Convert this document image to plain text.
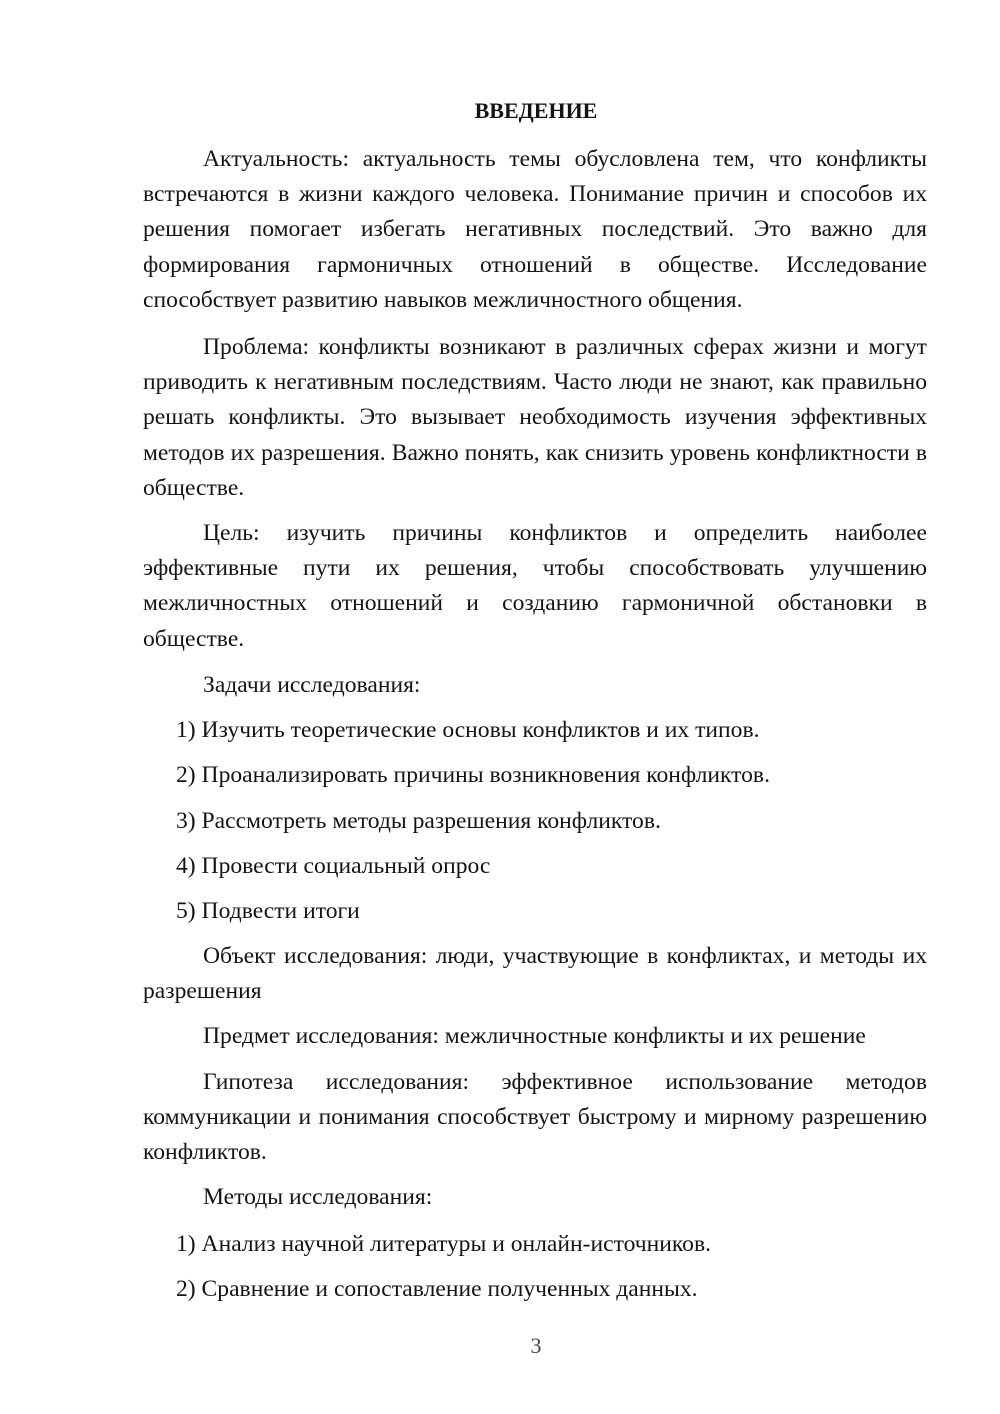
ВВЕДЕНИЕ

Актуальность: актуальность темы обусловлена тем, что конфликты встречаются в жизни каждого человека. Понимание причин и способов их решения помогает избегать негативных последствий. Это важно для формирования гармоничных отношений в обществе. Исследование способствует развитию навыков межличностного общения.

Проблема: конфликты возникают в различных сферах жизни и могут приводить к негативным последствиям. Часто люди не знают, как правильно решать конфликты. Это вызывает необходимость изучения эффективных методов их разрешения. Важно понять, как снизить уровень конфликтности в обществе.

Цель: изучить причины конфликтов и определить наиболее эффективные пути их решения, чтобы способствовать улучшению межличностных отношений и созданию гармоничной обстановки в обществе.

Задачи исследования:
1) Изучить теоретические основы конфликтов и их типов.
2) Проанализировать причины возникновения конфликтов.
3) Рассмотреть методы разрешения конфликтов.
4) Провести социальный опрос
5) Подвести итоги

Объект исследования: люди, участвующие в конфликтах, и методы их разрешения

Предмет исследования: межличностные конфликты и их решение

Гипотеза исследования: эффективное использование методов коммуникации и понимания способствует быстрому и мирному разрешению конфликтов.

Методы исследования:
1) Анализ научной литературы и онлайн-источников.
2) Сравнение и сопоставление полученных данных.
3
